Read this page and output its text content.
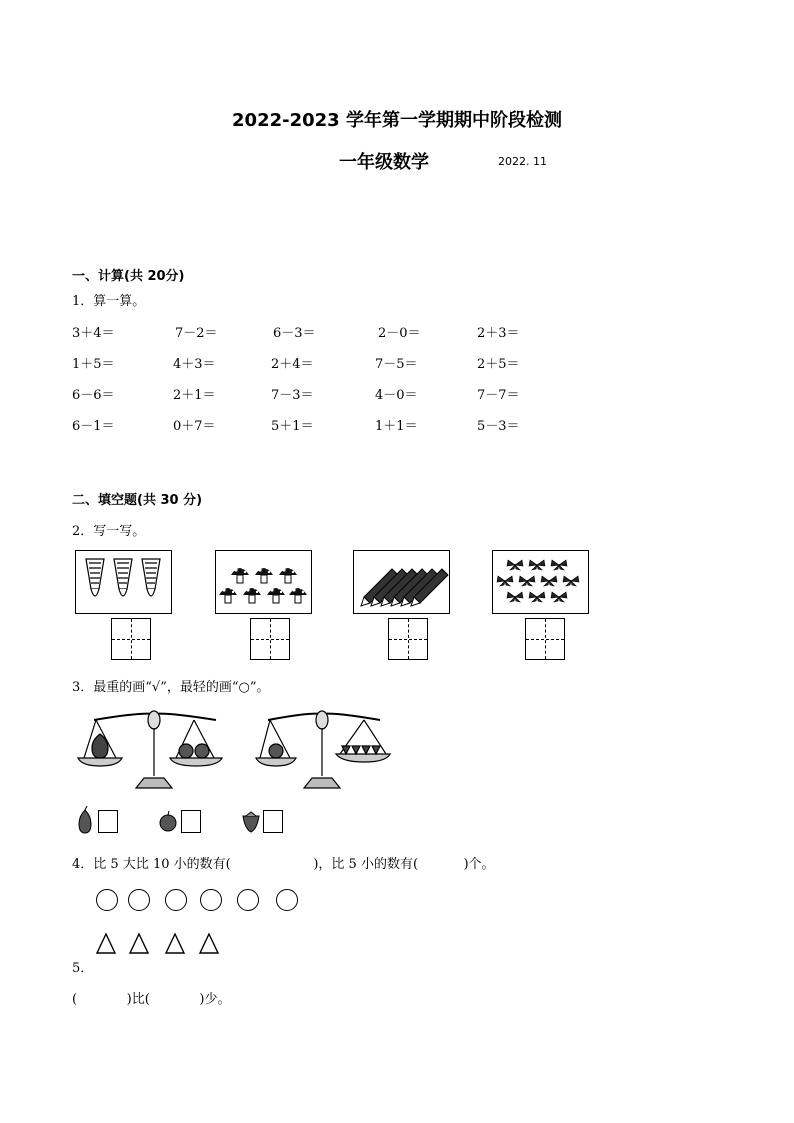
2022-2023 学年第一学期期中阶段检测
一年级数学	2022. 11
一、计算(共 20分)
1．算一算。
3＋4＝	7－2＝	6－3＝	2－0＝	2＋3＝
1＋5＝	4＋3＝	2＋4＝	7－5＝	2＋5＝
6－6＝	2＋1＝	7－3＝	4－0＝	7－7＝
6－1＝	0＋7＝	5＋1＝	1＋1＝	5－3＝
二、填空题(共 30 分)
2．写一写。
3．最重的画“√”，最轻的画“○”。
4．比 5 大比 10 小的数有(                    )，比 5 小的数有(           )个。
5．
(            )比(            )少。
